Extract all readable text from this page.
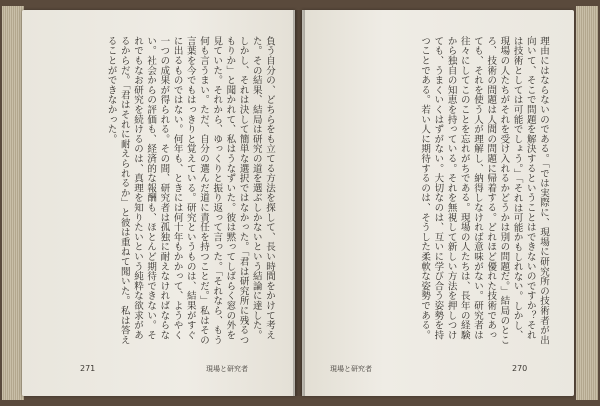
負う自分の、どちらをも立てる方法を探して、長い時間をかけて考えた。その結果、結局は研究の道を選ぶしかないという結論に達した。しかし、それは決して簡単な選択ではなかった。「君は研究所に残るつもりか」と聞かれて、私はうなずいた。彼は黙ってしばらく窓の外を見ていた。それから、ゆっくりと振り返って言った。「それなら、もう何も言うまい。ただ、自分の選んだ道に責任を持つことだ。」私はその言葉を今でもはっきりと覚えている。研究というものは、結果がすぐに出るものではない。何年も、ときには何十年もかかって、ようやく一つの成果が得られる。その間、研究者は孤独に耐えなければならない。社会からの評価も、経済的な報酬も、ほとんど期待できない。それでもなお研究を続けるのは、真理を知りたいという純粋な欲求があるからだ。「君はそれに耐えられるか」と彼は重ねて聞いた。私は答えることができなかった。	理由にはならないのである。「では実際に、現場に研究所の技術者が出向いて、そこで問題を解決するということはできないのですか？それは技術としては可能でしょう。」「それは可能かもしれない。しかし、現場の人たちがそれを受け入れるかどうかは別の問題だ。」結局のところ、技術の問題は人間の問題に帰着する。どれほど優れた技術であっても、それを使う人が理解し、納得しなければ意味がない。研究者は往々にしてこのことを忘れがちである。現場の人たちは、長年の経験から独自の知恵を持っている。それを無視して新しい方法を押しつけても、うまくいくはずがない。大切なのは、互いに学び合う姿勢を持つことである。若い人に期待するのは、そうした柔軟な姿勢である。
271	現場と研究者	現場と研究者	270
